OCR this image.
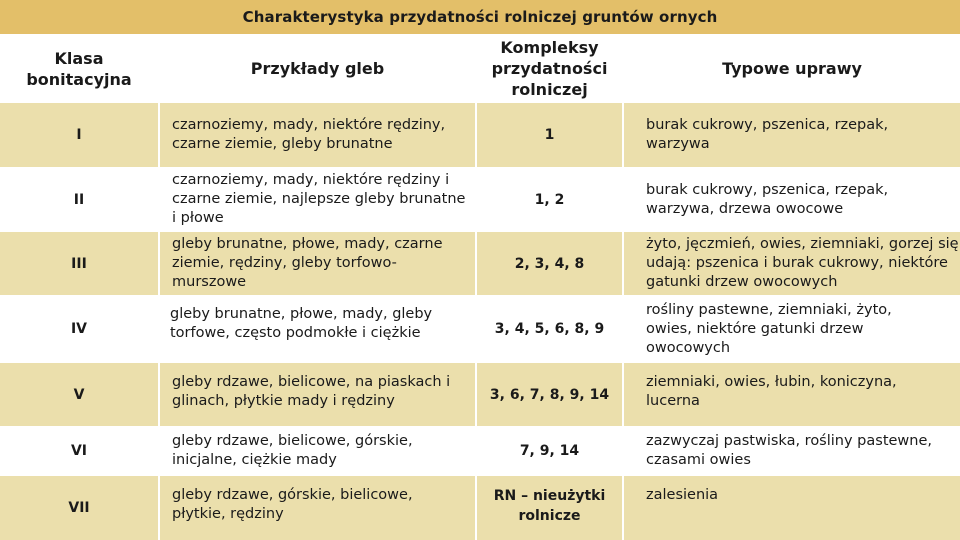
Charakterystyka przydatności rolniczej gruntów ornych
Klasa bonitacyjna
Przykłady gleb
Kompleksy przydatności rolniczej
Typowe uprawy
I
czarnoziemy, mady, niektóre rędziny, czarne ziemie, gleby brunatne
1
burak cukrowy, pszenica, rzepak, warzywa
II
czarnoziemy, mady, niektóre rędziny i czarne ziemie, najlepsze gleby brunatne i płowe
1, 2
burak cukrowy, pszenica, rzepak, warzywa, drzewa owocowe
III
gleby brunatne, płowe, mady, czarne ziemie, rędziny, gleby torfowo-murszowe
2, 3, 4, 8
żyto, jęczmień, owies, ziemniaki, gorzej się udają: pszenica i burak cukrowy, niektóre gatunki drzew owocowych
IV
gleby brunatne, płowe, mady, gleby torfowe, często podmokłe i ciężkie	3, 4, 5, 6, 8, 9
rośliny pastewne, ziemniaki, żyto, owies, niektóre gatunki drzew owocowych
V
gleby rdzawe, bielicowe, na piaskach i glinach, płytkie mady i rędziny	3, 6, 7, 8, 9, 14
ziemniaki, owies, łubin, koniczyna, lucerna
VI
gleby rdzawe, bielicowe, górskie, inicjalne, ciężkie mady
7, 9, 14
zazwyczaj pastwiska, rośliny pastewne, czasami owies
VII
gleby rdzawe, górskie, bielicowe, płytkie, rędziny
RN – nieużytki rolnicze
zalesienia
